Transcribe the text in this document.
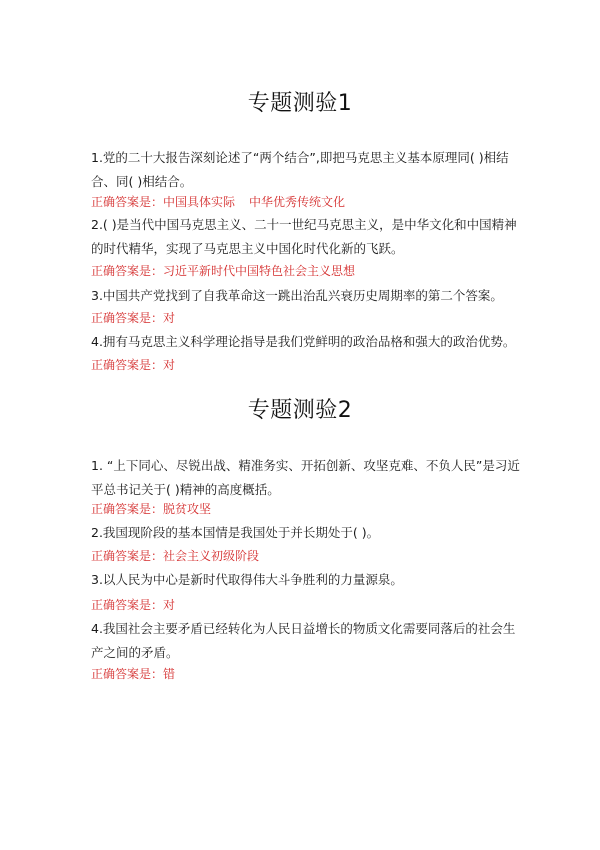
专题测验1
1.党的二十大报告深刻论述了“两个结合”,即把马克思主义基本原理同( )相结合、同( )相结合。
正确答案是：中国具体实际 中华优秀传统文化
2.( )是当代中国马克思主义、二十一世纪马克思主义，是中华文化和中国精神的时代精华，实现了马克思主义中国化时代化新的飞跃。
正确答案是：习近平新时代中国特色社会主义思想
3.中国共产党找到了自我革命这一跳出治乱兴衰历史周期率的第二个答案。
正确答案是：对
4.拥有马克思主义科学理论指导是我们党鲜明的政治品格和强大的政治优势。
正确答案是：对
专题测验2
1. “上下同心、尽锐出战、精准务实、开拓创新、攻坚克难、不负人民”是习近平总书记关于( )精神的高度概括。
正确答案是：脱贫攻坚
2.我国现阶段的基本国情是我国处于并长期处于( )。
正确答案是：社会主义初级阶段
3.以人民为中心是新时代取得伟大斗争胜利的力量源泉。
正确答案是：对
4.我国社会主要矛盾已经转化为人民日益增长的物质文化需要同落后的社会生产之间的矛盾。
正确答案是：错
